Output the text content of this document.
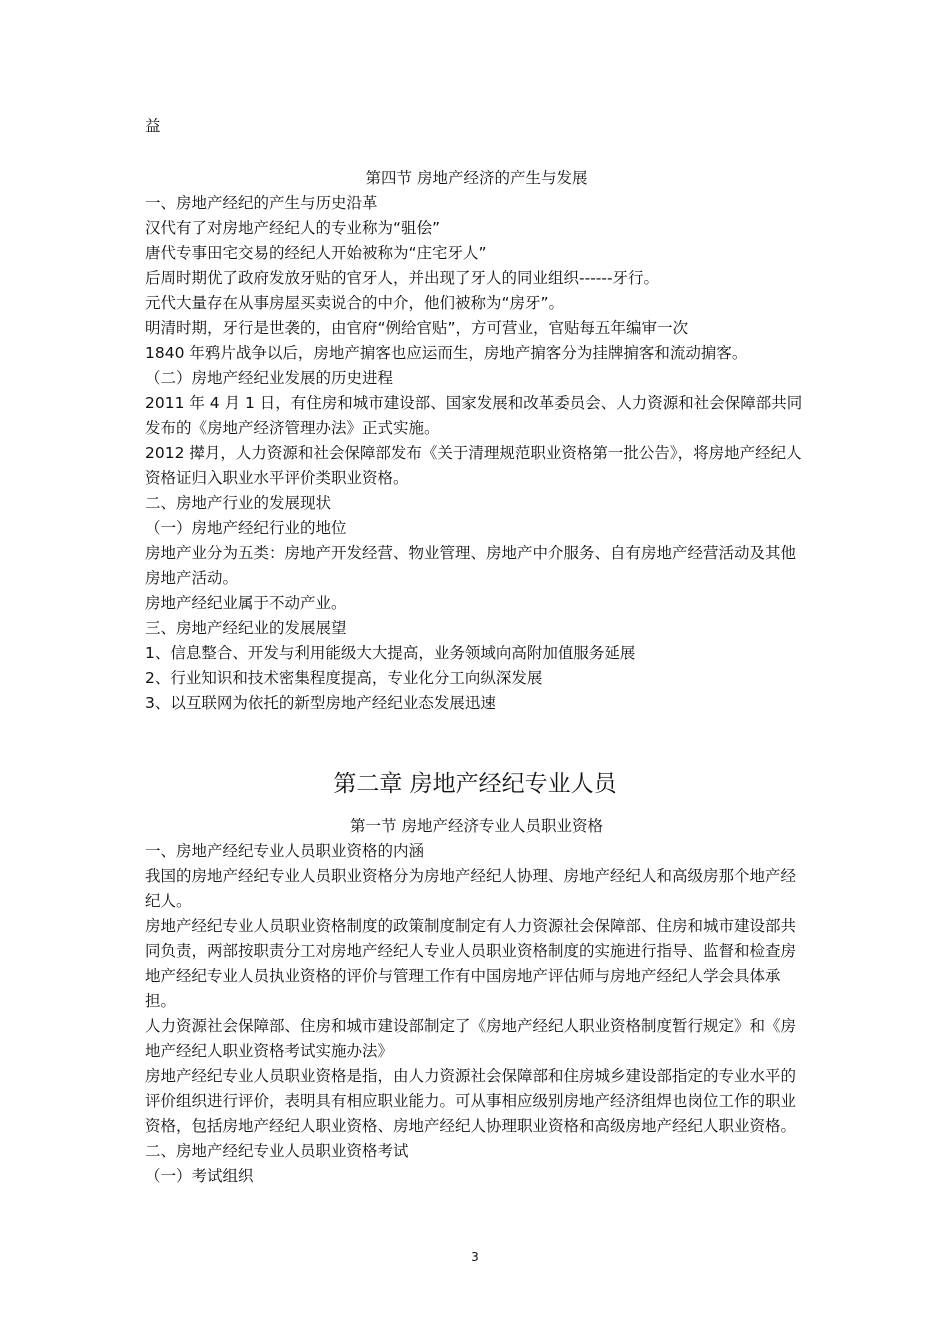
益

第四节 房地产经济的产生与发展

一、房地产经纪的产生与历史沿革

汉代有了对房地产经纪人的专业称为“驵侩”

唐代专事田宅交易的经纪人开始被称为“庄宅牙人”

后周时期优了政府发放牙贴的官牙人，并出现了牙人的同业组织------牙行。

元代大量存在从事房屋买卖说合的中介，他们被称为“房牙”。

明清时期，牙行是世袭的，由官府“例给官贴”，方可营业，官贴每五年编审一次

1840 年鸦片战争以后，房地产掮客也应运而生，房地产掮客分为挂牌掮客和流动掮客。

（二）房地产经纪业发展的历史进程

2011 年 4 月 1 日，有住房和城市建设部、国家发展和改革委员会、人力资源和社会保障部共同发布的《房地产经济管理办法》正式实施。

2012 撵月，人力资源和社会保障部发布《关于清理规范职业资格第一批公告》，将房地产经纪人资格证归入职业水平评价类职业资格。

二、房地产行业的发展现状

（一）房地产经纪行业的地位

房地产业分为五类：房地产开发经营、物业管理、房地产中介服务、自有房地产经营活动及其他房地产活动。

房地产经纪业属于不动产业。

三、房地产经纪业的发展展望

1、信息整合、开发与利用能级大大提高，业务领域向高附加值服务延展

2、行业知识和技术密集程度提高，专业化分工向纵深发展

3、以互联网为依托的新型房地产经纪业态发展迅速

第二章 房地产经纪专业人员

第一节 房地产经济专业人员职业资格

一、房地产经纪专业人员职业资格的内涵

我国的房地产经纪专业人员职业资格分为房地产经纪人协理、房地产经纪人和高级房那个地产经纪人。

房地产经纪专业人员职业资格制度的政策制度制定有人力资源社会保障部、住房和城市建设部共同负责，两部按职责分工对房地产经纪人专业人员职业资格制度的实施进行指导、监督和检查房地产经纪专业人员执业资格的评价与管理工作有中国房地产评估师与房地产经纪人学会具体承担。

人力资源社会保障部、住房和城市建设部制定了《房地产经纪人职业资格制度暂行规定》和《房地产经纪人职业资格考试实施办法》

房地产经纪专业人员职业资格是指，由人力资源社会保障部和住房城乡建设部指定的专业水平的评价组织进行评价，表明具有相应职业能力。可从事相应级别房地产经济组焊也岗位工作的职业资格，包括房地产经纪人职业资格、房地产经纪人协理职业资格和高级房地产经纪人职业资格。

二、房地产经纪专业人员职业资格考试

（一）考试组织

3
